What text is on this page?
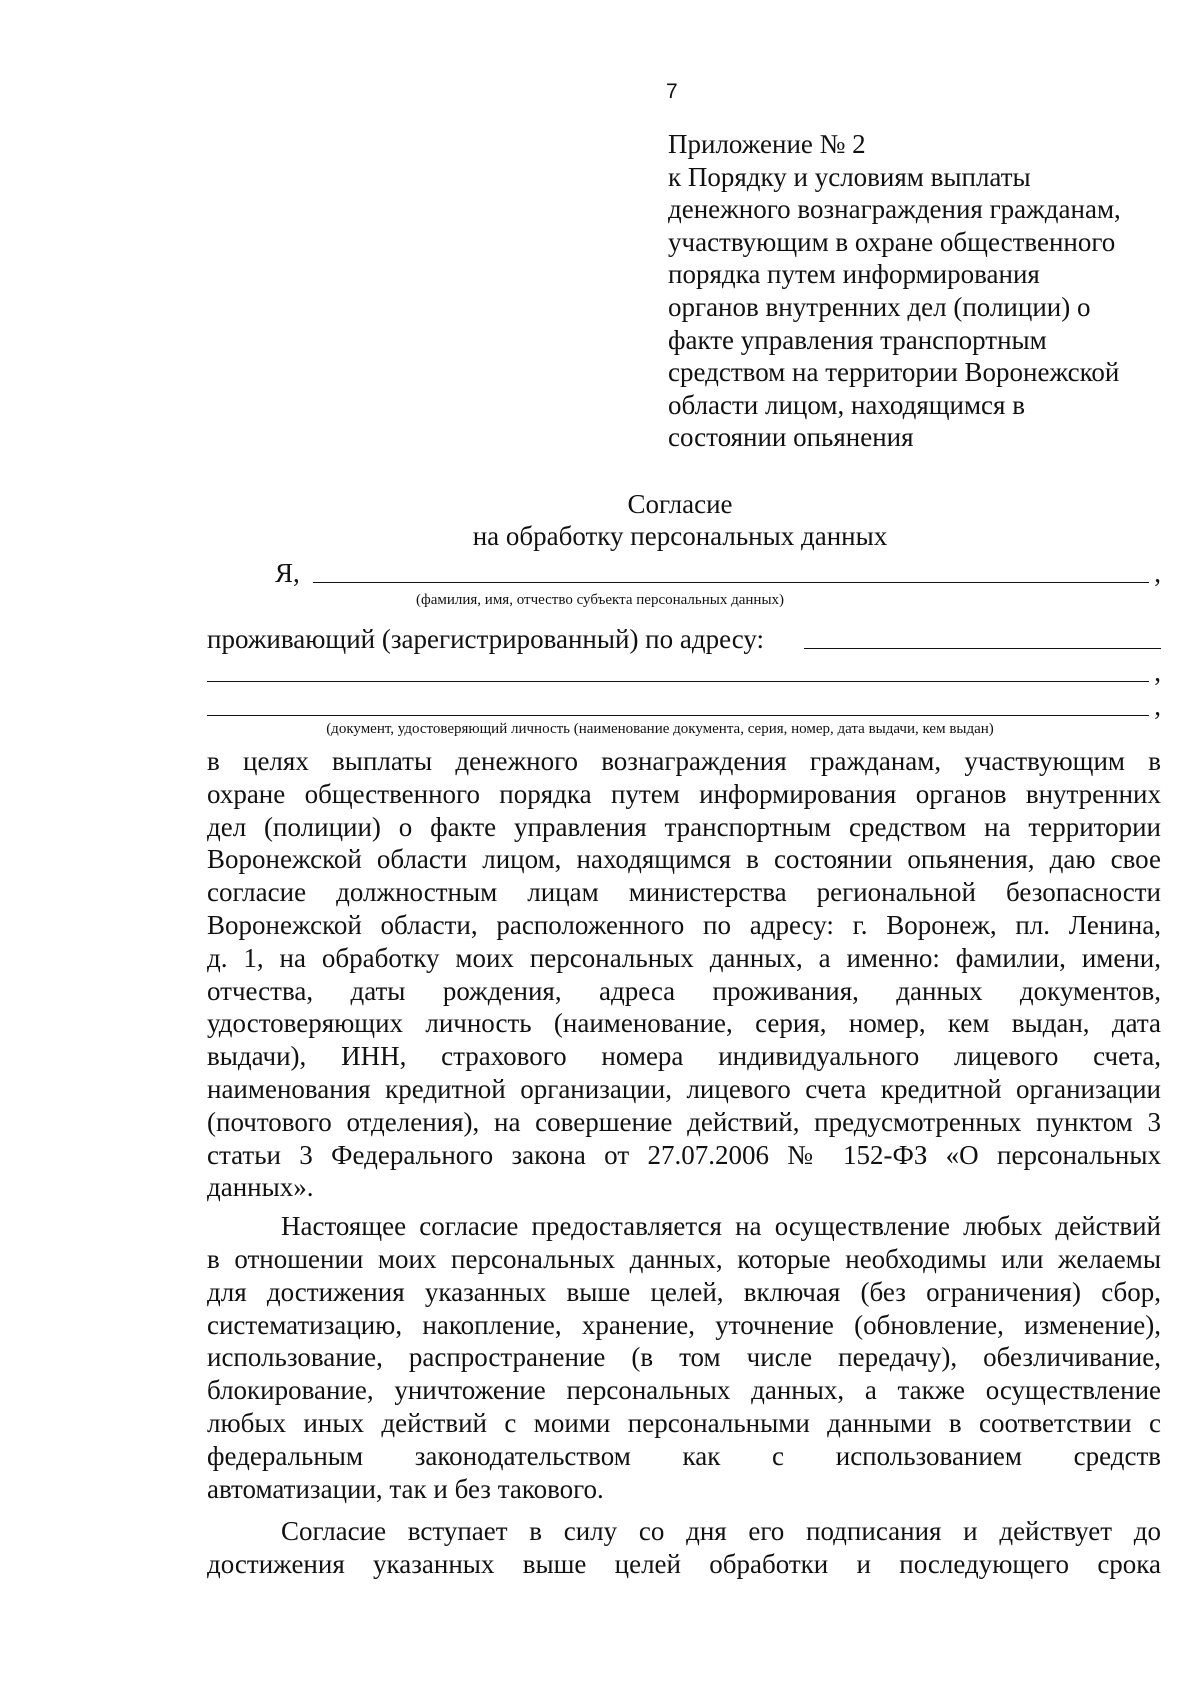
7
Приложение № 2
к Порядку и условиям выплаты
денежного вознаграждения гражданам,
участвующим в охране общественного
порядка путем информирования
органов внутренних дел (полиции) о
факте управления транспортным
средством на территории Воронежской
области лицом, находящимся в
состоянии опьянения
Согласие
на обработку персональных данных
Я,	,
(фамилия, имя, отчество субъекта персональных данных)
проживающий (зарегистрированный) по адресу:
,
,
(документ, удостоверяющий личность (наименование документа, серия, номер, дата выдачи, кем выдан)

в целях выплаты денежного вознаграждения гражданам, участвующим в
охране общественного порядка путем информирования органов внутренних
дел (полиции) о факте управления транспортным средством на территории
Воронежской области лицом, находящимся в состоянии опьянения, даю свое
согласие должностным лицам министерства региональной безопасности
Воронежской области, расположенного по адресу: г. Воронеж, пл. Ленина,
д. 1, на обработку моих персональных данных, а именно: фамилии, имени,
отчества, даты рождения, адреса проживания, данных документов,
удостоверяющих личность (наименование, серия, номер, кем выдан, дата
выдачи), ИНН, страхового номера индивидуального лицевого счета,
наименования кредитной организации, лицевого счета кредитной организации
(почтового отделения), на совершение действий, предусмотренных пунктом 3
статьи 3 Федерального закона от 27.07.2006 № 152-ФЗ «О персональных
данных».

Настоящее согласие предоставляется на осуществление любых действий
в отношении моих персональных данных, которые необходимы или желаемы
для достижения указанных выше целей, включая (без ограничения) сбор,
систематизацию, накопление, хранение, уточнение (обновление, изменение),
использование, распространение (в том числе передачу), обезличивание,
блокирование, уничтожение персональных данных, а также осуществление
любых иных действий с моими персональными данными в соответствии с
федеральным законодательством как с использованием средств
автоматизации, так и без такового.

Согласие вступает в силу со дня его подписания и действует до
достижения указанных выше целей обработки и последующего срока
